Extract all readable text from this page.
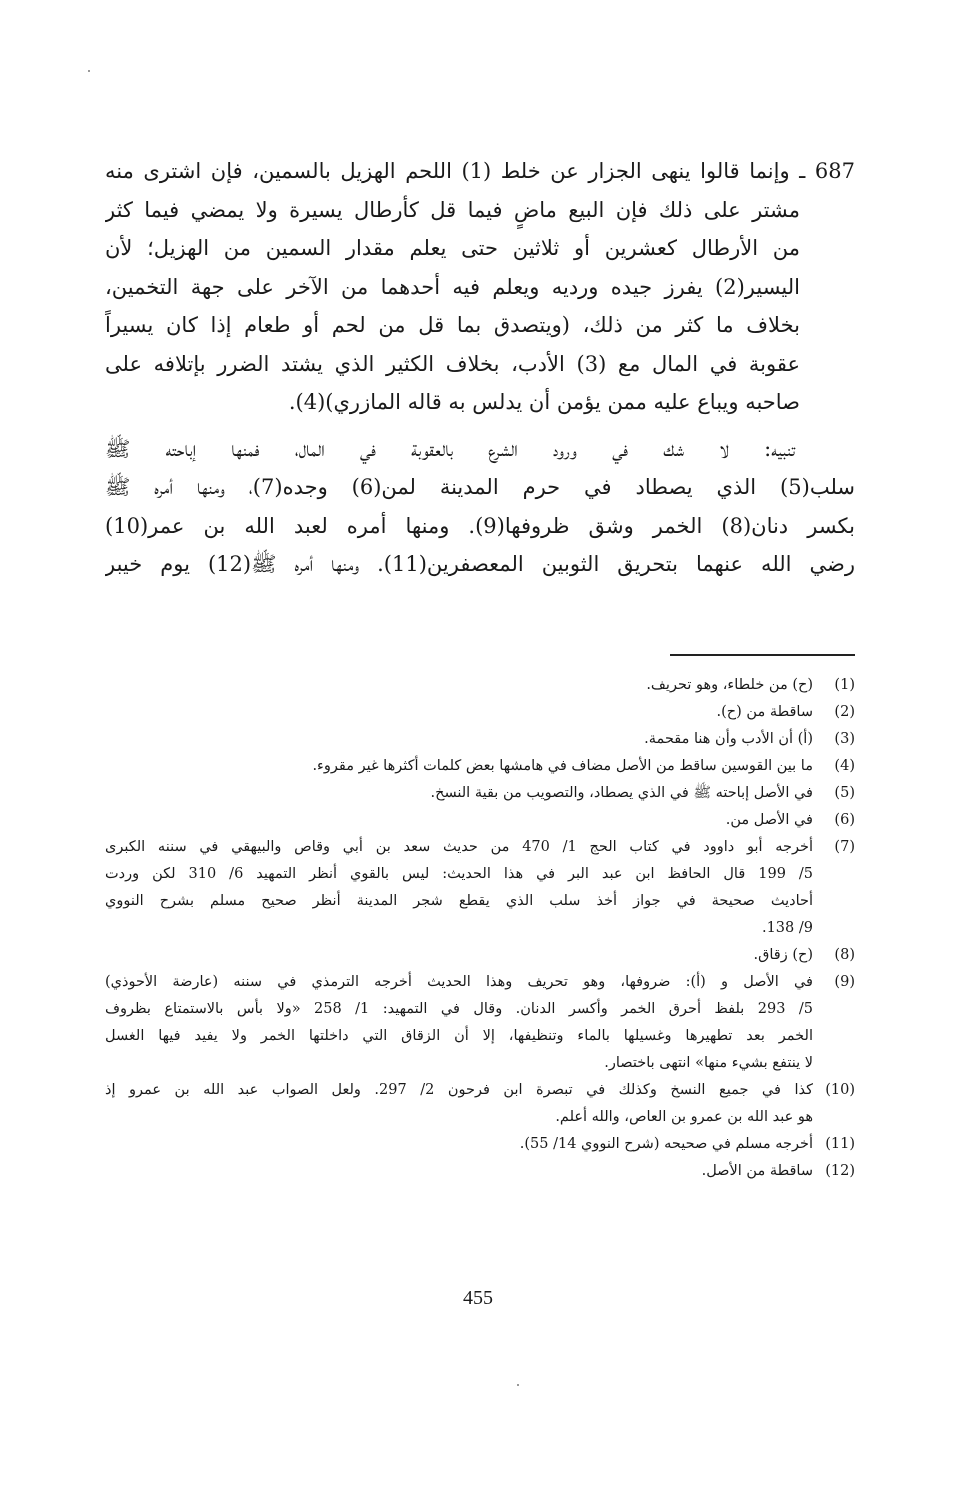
687 ـ وإنما قالوا ينهى الجزار عن خلط (1) اللحم الهزيل بالسمين، فإن اشترى منه
مشتر على ذلك فإن البيع ماضٍ فيما قل كأرطال يسيرة ولا يمضي فيما كثر
من الأرطال كعشرين أو ثلاثين حتى يعلم مقدار السمين من الهزيل؛ لأن
اليسير(2) يفرز جيده ورديه ويعلم فيه أحدهما من الآخر على جهة التخمين،
بخلاف ما كثر من ذلك، (ويتصدق بما قل من لحم أو طعام إذا كان يسيراً
عقوبة في المال مع (3) الأدب، بخلاف الكثير الذي يشتد الضرر بإتلافه على
صاحبه ويباع عليه ممن يؤمن أن يدلس به قاله المازري)(4).
تنبيه: لا شك في ورود الشرع بالعقوبة في المال، فمنها إباحته ﷺ
سلب(5) الذي يصطاد في حرم المدينة لمن(6) وجده(7)، ومنها أمره ﷺ
بكسر دنان(8) الخمر وشق ظروفها(9). ومنها أمره لعبد الله بن عمر(10)
رضي الله عنهما بتحريق الثوبين المعصفرين(11). ومنها أمره ﷺ(12) يوم خيبر
(1)
(ح) من خلطاء، وهو تحريف.
(2)
ساقطة من (ح).
(3)
(أ) أن الأدب وأن هنا مقحمة.
(4)
ما بين القوسين ساقط من الأصل مضاف في هامشها بعض كلمات أكثرها غير مقروء.
(5)
في الأصل إباحته ﷺ في الذي يصطاد، والتصويب من بقية النسخ.
(6)
في الأصل من.
(7)
أخرجه أبو داوود في كتاب الحج 1/ 470 من حديث سعد بن أبي وقاص والبيهقي في سننه الكبرى
5/ 199 قال الحافظ ابن عبد البر في هذا الحديث: ليس بالقوي أنظر التمهيد 6/ 310 لكن وردت
أحاديث صحيحة في جواز أخذ سلب الذي يقطع شجر المدينة أنظر صحيح مسلم بشرح النووي
9/ 138.
(8)
(ح) زقاق.
(9)
في الأصل و (أ): ضروفها، وهو تحريف وهذا الحديث أخرجه الترمذي في سننه (عارضة الأحوذي)
5/ 293 بلفظ أحرق الخمر وأكسر الدنان. وقال في التمهيد: 1/ 258 «ولا بأس بالاستمتاع بظروف
الخمر بعد تطهيرها وغسيلها بالماء وتنظيفها، إلا أن الزقاق التي داخلتها الخمر ولا يفيد فيها الغسل
لا ينتفع بشيء منها» انتهى باختصار.
(10)
كذا في جميع النسخ وكذلك في تبصرة ابن فرحون 2/ 297. ولعل الصواب عبد الله بن عمرو إذ
هو عبد الله بن عمرو بن العاص، والله أعلم.
(11)
أخرجه مسلم في صحيحه (شرح النووي 14/ 55).
(12)
ساقطة من الأصل.
455
